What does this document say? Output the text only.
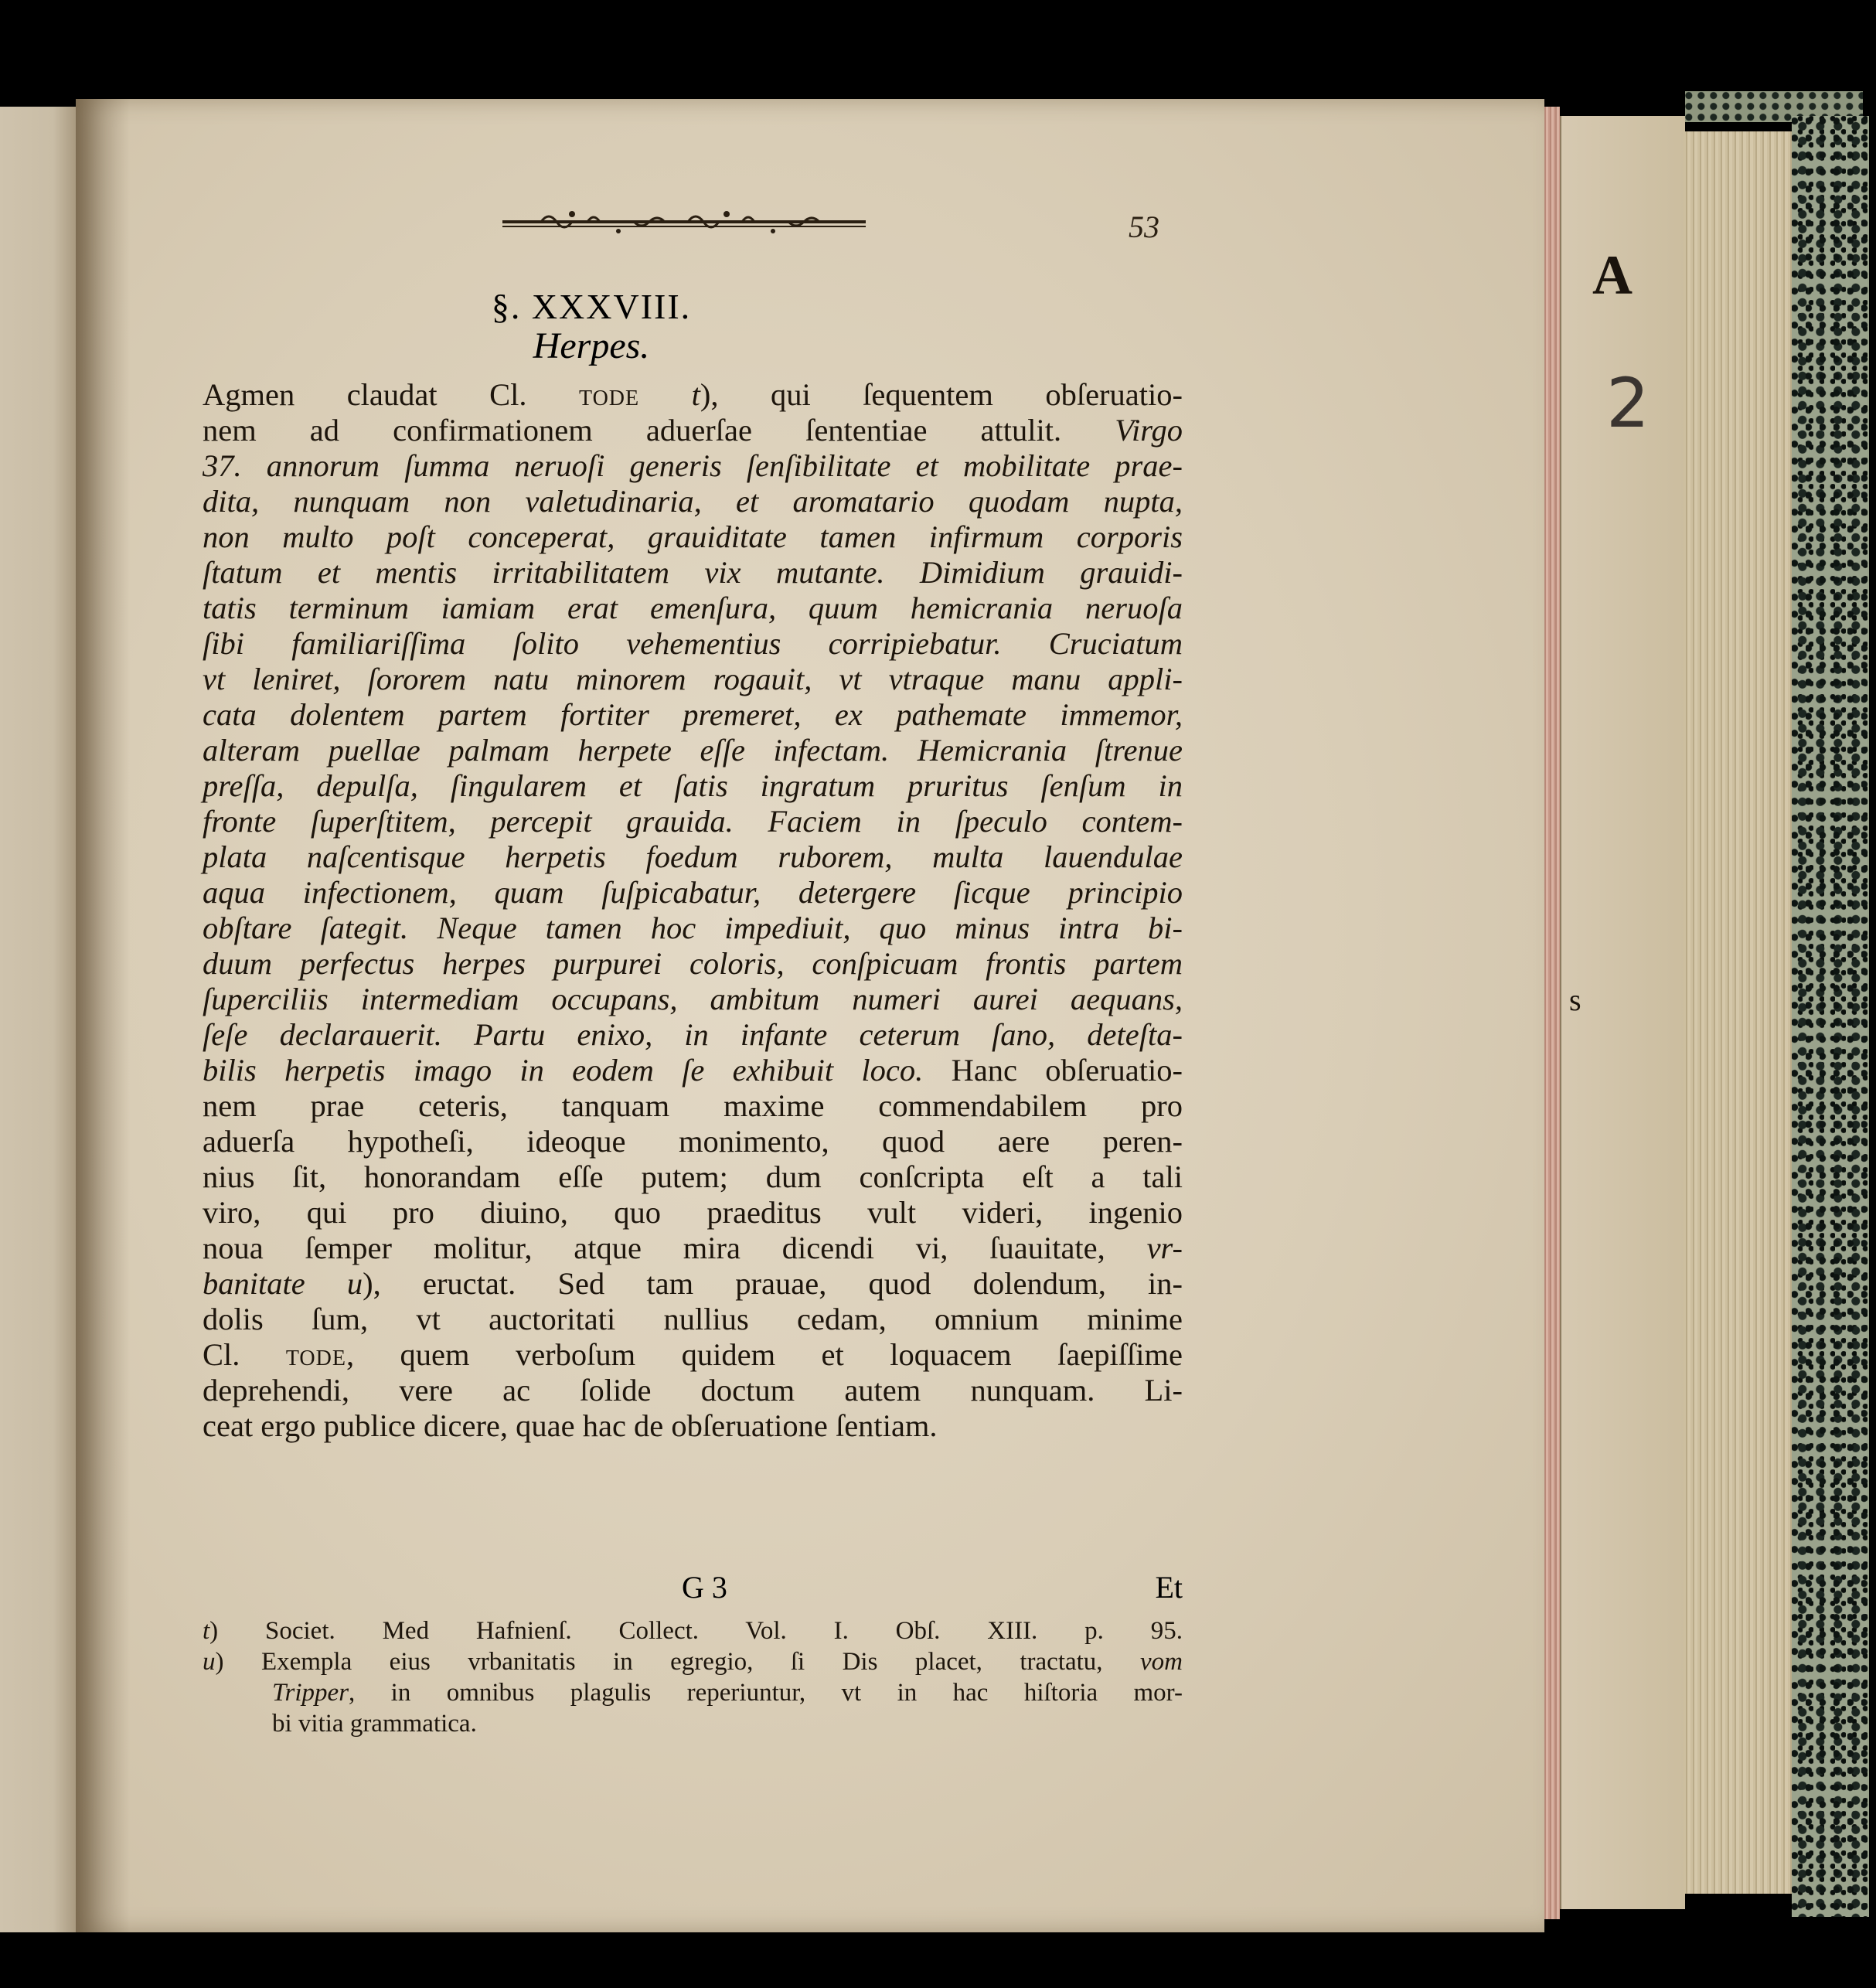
A
2
s
53
§. XXXVIII.
Herpes.
Agmen claudat Cl. tode t), qui ſequentem obſeruatio-
nem ad confirmationem aduerſae ſententiae attulit. Virgo
37. annorum ſumma neruoſi generis ſenſibilitate et mobilitate prae-
dita, nunquam non valetudinaria, et aromatario quodam nupta,
non multo poſt conceperat, grauiditate tamen infirmum corporis
ſtatum et mentis irritabilitatem vix mutante. Dimidium grauidi-
tatis terminum iamiam erat emenſura, quum hemicrania neruoſa
ſibi familiariſſima ſolito vehementius corripiebatur. Cruciatum
vt leniret, ſororem natu minorem rogauit, vt vtraque manu appli-
cata dolentem partem fortiter premeret, ex pathemate immemor,
alteram puellae palmam herpete eſſe infectam. Hemicrania ſtrenue
preſſa, depulſa, ſingularem et ſatis ingratum pruritus ſenſum in
fronte ſuperſtitem, percepit grauida. Faciem in ſpeculo contem-
plata naſcentisque herpetis foedum ruborem, multa lauendulae
aqua infectionem, quam ſuſpicabatur, detergere ſicque principio
obſtare ſategit. Neque tamen hoc impediuit, quo minus intra bi-
duum perfectus herpes purpurei coloris, conſpicuam frontis partem
ſuperciliis intermediam occupans, ambitum numeri aurei aequans,
ſeſe declarauerit. Partu enixo, in infante ceterum ſano, deteſta-
bilis herpetis imago in eodem ſe exhibuit loco. Hanc obſeruatio-
nem prae ceteris, tanquam maxime commendabilem pro
aduerſa hypotheſi, ideoque monimento, quod aere peren-
nius ſit, honorandam eſſe putem; dum conſcripta eſt a tali
viro, qui pro diuino, quo praeditus vult videri, ingenio
noua ſemper molitur, atque mira dicendi vi, ſuauitate, vr-
banitate u), eructat. Sed tam prauae, quod dolendum, in-
dolis ſum, vt auctoritati nullius cedam, omnium minime
Cl. tode, quem verboſum quidem et loquacem ſaepiſſime
deprehendi, vere ac ſolide doctum autem nunquam. Li-
ceat ergo publice dicere, quae hac de obſeruatione ſentiam.
G 3	Et
t) Societ. Med Hafnienſ. Collect. Vol. I. Obſ. XIII. p. 95.
u) Exempla eius vrbanitatis in egregio, ſi Dis placet, tractatu, vom
Tripper, in omnibus plagulis reperiuntur, vt in hac hiſtoria mor-
bi vitia grammatica.
